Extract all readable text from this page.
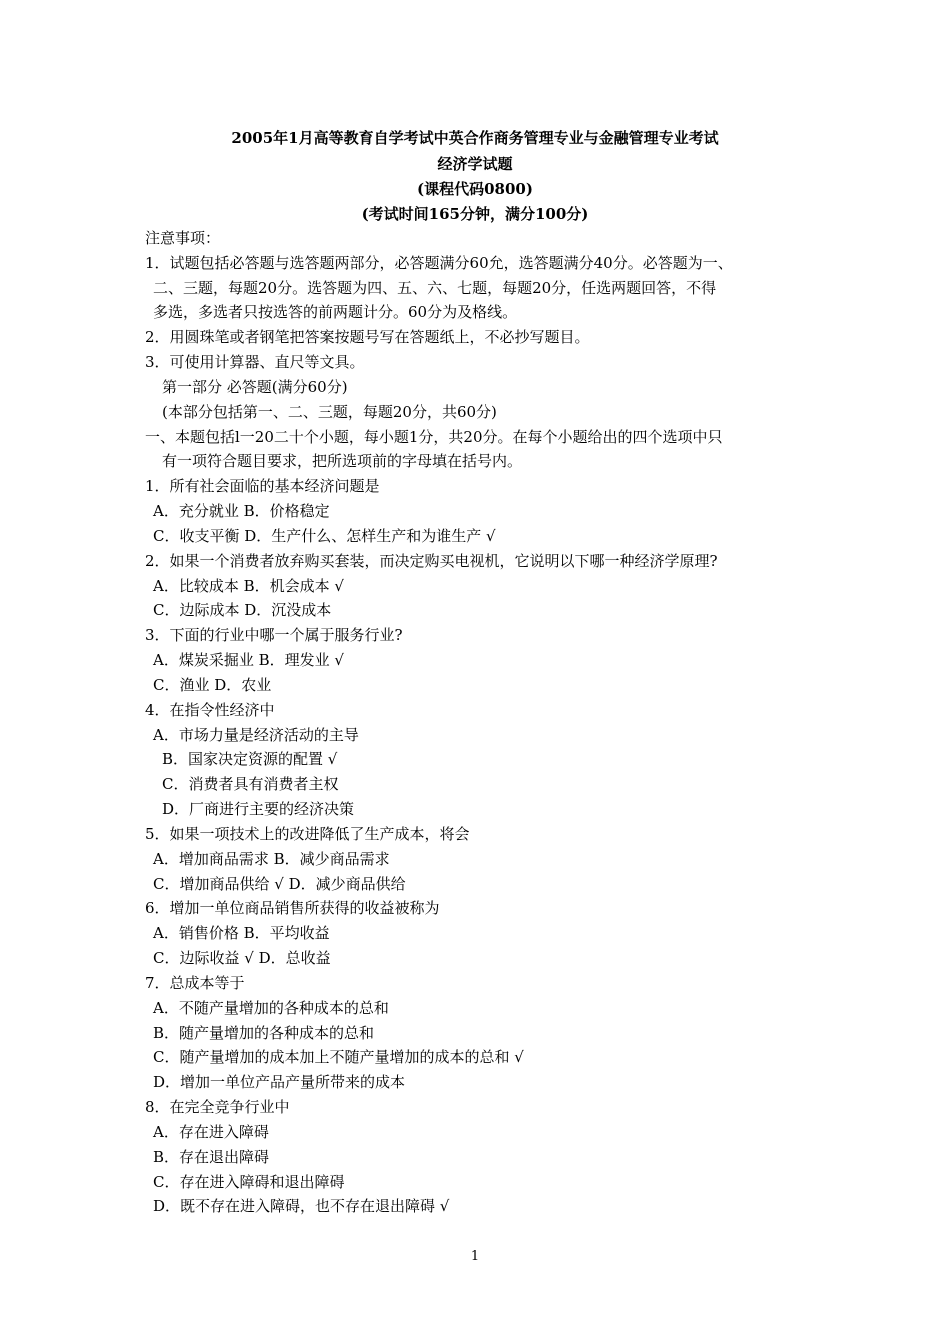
2005年1月高等教育自学考试中英合作商务管理专业与金融管理专业考试
经济学试题
(课程代码0800)
(考试时间165分钟，满分100分)
注意事项：
1．试题包括必答题与选答题两部分，必答题满分60允，选答题满分40分。必答题为一、
二、三题，每题20分。选答题为四、五、六、七题，每题20分，任选两题回答，不得
多选，多选者只按选答的前两题计分。60分为及格线。
2．用圆珠笔或者钢笔把答案按题号写在答题纸上，不必抄写题目。
3．可使用计算器、直尺等文具。
第一部分 必答题(满分60分)
(本部分包括第一、二、三题，每题20分，共60分)
一、本题包括l一20二十个小题，每小题1分，共20分。在每个小题给出的四个选项中只
有一项符合题目要求，把所选项前的字母填在括号内。
1．所有社会面临的基本经济问题是
A．充分就业 B．价格稳定
C．收支平衡 D．生产什么、怎样生产和为谁生产 √
2．如果一个消费者放弃购买套装，而决定购买电视机，它说明以下哪一种经济学原理?
A．比较成本 B．机会成本 √
C．边际成本 D．沉没成本
3．下面的行业中哪一个属于服务行业?
A．煤炭采掘业 B．理发业 √
C．渔业 D．农业
4．在指令性经济中
A．市场力量是经济活动的主导
B．国家决定资源的配置 √
C．消费者具有消费者主权
D．厂商进行主要的经济决策
5．如果一项技术上的改进降低了生产成本，将会
A．增加商品需求 B．减少商品需求
C．增加商品供给 √ D．减少商品供给
6．增加一单位商品销售所获得的收益被称为
A．销售价格 B．平均收益
C．边际收益 √ D．总收益
7．总成本等于
A．不随产量增加的各种成本的总和
B．随产量增加的各种成本的总和
C．随产量增加的成本加上不随产量增加的成本的总和 √
D．增加一单位产品产量所带来的成本
8．在完全竞争行业中
A．存在进入障碍
B．存在退出障碍
C．存在进入障碍和退出障碍
D．既不存在进入障碍，也不存在退出障碍 √
1
